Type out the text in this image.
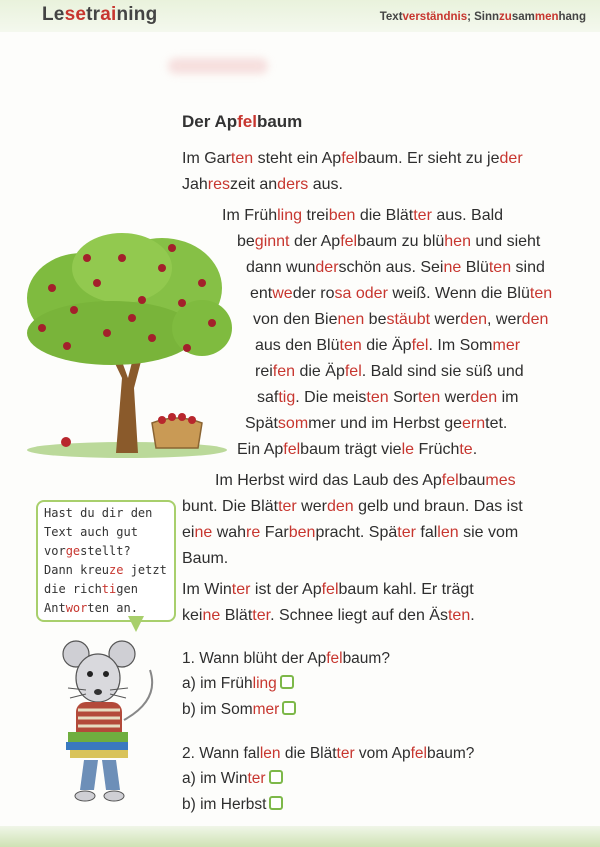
Lesetraining	Textverständnis; Sinnzusammenhang
Der Apfelbaum
Im Garten steht ein Apfelbaum. Er sieht zu jeder
Jahreszeit anders aus.
Im Frühling treiben die Blätter aus. Bald
beginnt der Apfelbaum zu blühen und sieht
dann wunderschön aus. Seine Blüten sind
entweder rosa oder weiß. Wenn die Blüten
von den Bienen bestäubt werden, werden
aus den Blüten die Äpfel. Im Sommer
reifen die Äpfel. Bald sind sie süß und
saftig. Die meisten Sorten werden im
Spätsommer und im Herbst geerntet.
Ein Apfelbaum trägt viele Früchte.
Im Herbst wird das Laub des Apfelbaumes
bunt. Die Blätter werden gelb und braun. Das ist
eine wahre Farbenpracht. Später fallen sie vom
Baum.
Im Winter ist der Apfelbaum kahl. Er trägt
keine Blätter. Schnee liegt auf den Ästen.
Hast du dir den
Text auch gut
vorgestellt?
Dann kreuze jetzt
die richtigen
Antworten an.
1. Wann blüht der Apfelbaum?
a) im Frühling
b) im Sommer
2. Wann fallen die Blätter vom Apfelbaum?
a) im Winter
b) im Herbst
